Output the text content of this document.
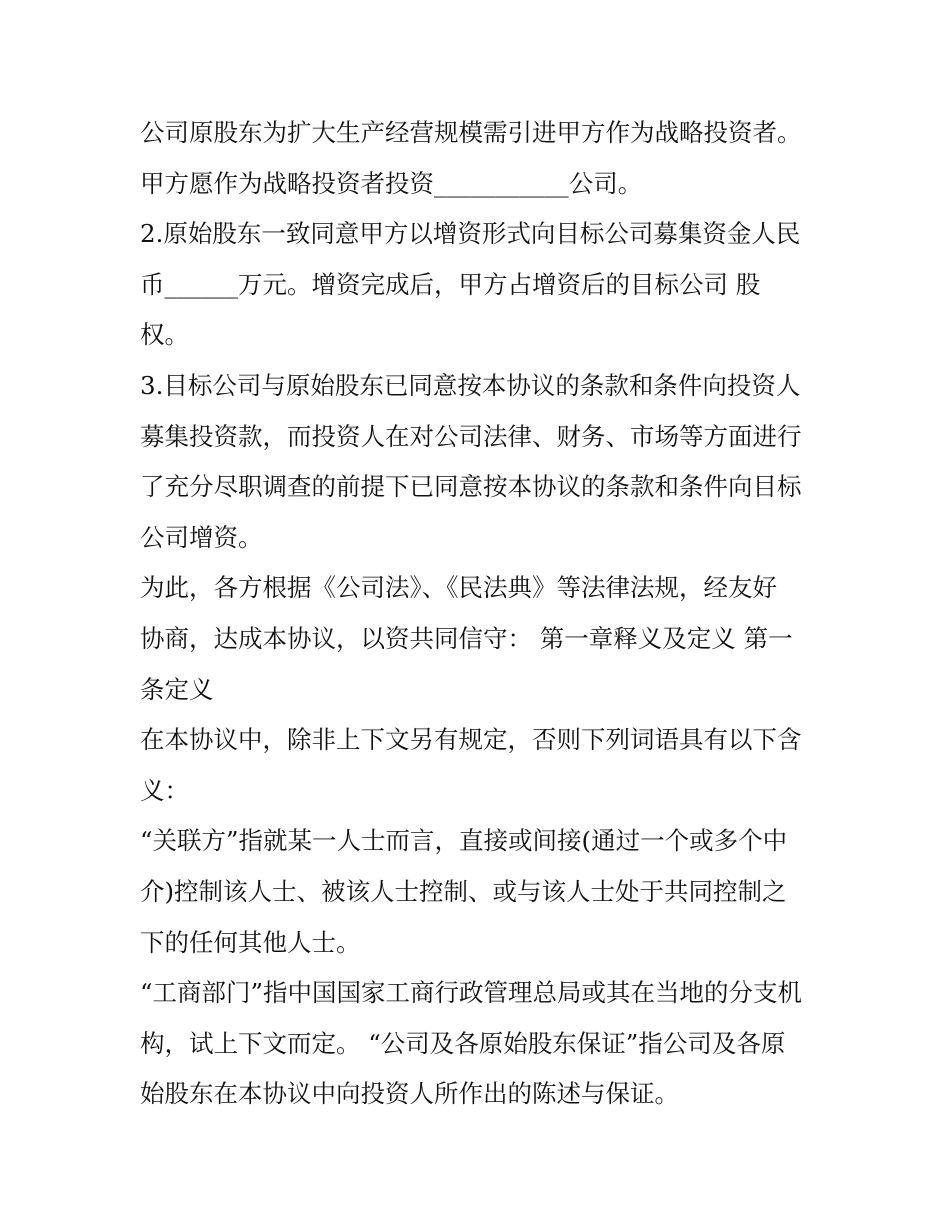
公司原股东为扩大生产经营规模需引进甲方作为战略投资者。
甲方愿作为战略投资者投资___________公司。
2.原始股东一致同意甲方以增资形式向目标公司募集资金人民
币______万元。增资完成后，甲方占增资后的目标公司 股
权。
3.目标公司与原始股东已同意按本协议的条款和条件向投资人
募集投资款，而投资人在对公司法律、财务、市场等方面进行
了充分尽职调查的前提下已同意按本协议的条款和条件向目标
公司增资。
为此，各方根据《公司法》、《民法典》等法律法规，经友好
协商，达成本协议，以资共同信守： 第一章释义及定义 第一
条定义
在本协议中，除非上下文另有规定，否则下列词语具有以下含
义：
“关联方”指就某一人士而言，直接或间接(通过一个或多个中
介)控制该人士、被该人士控制、或与该人士处于共同控制之
下的任何其他人士。
“工商部门”指中国国家工商行政管理总局或其在当地的分支机
构，试上下文而定。 “公司及各原始股东保证”指公司及各原
始股东在本协议中向投资人所作出的陈述与保证。
